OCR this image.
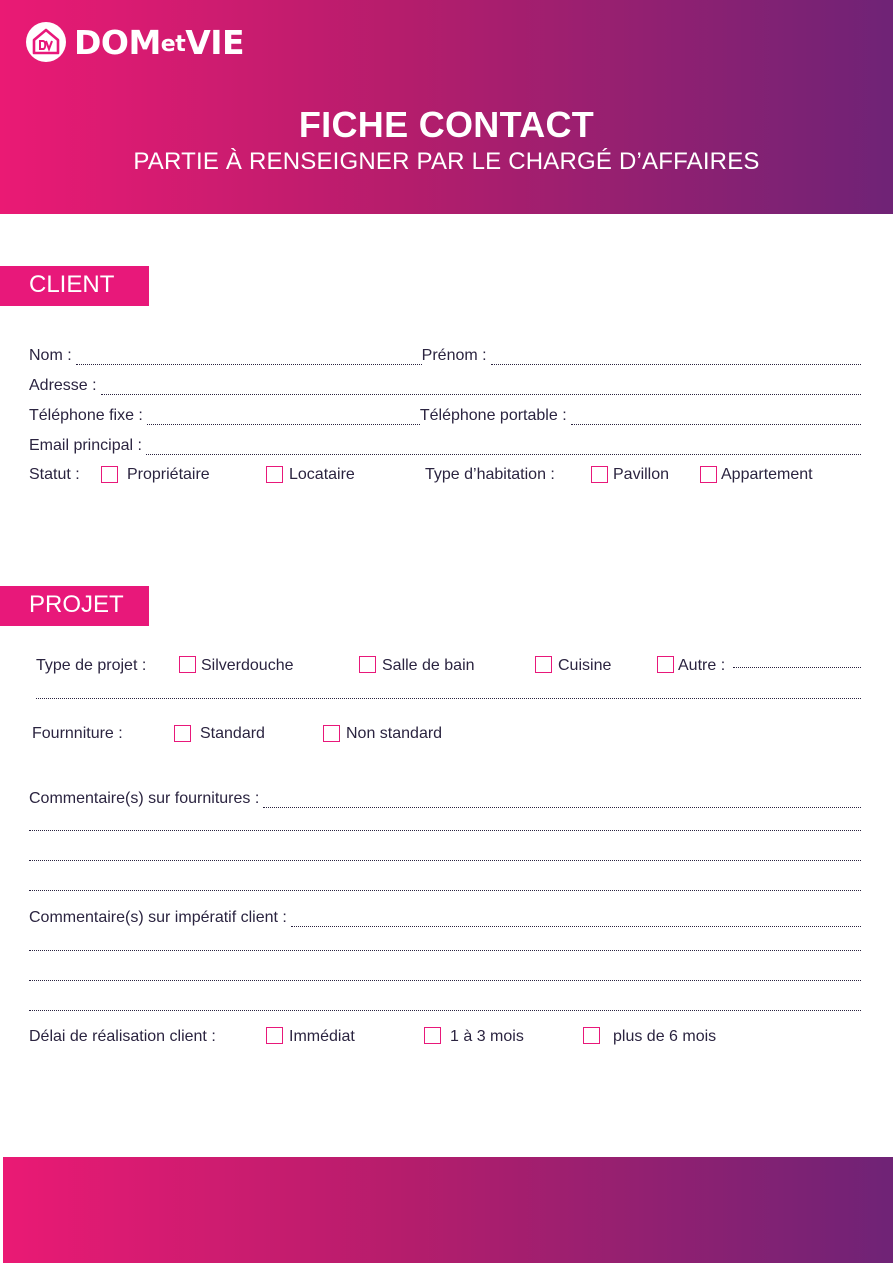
DOMetVIE
FICHE CONTACT
PARTIE À RENSEIGNER PAR LE CHARGÉ D’AFFAIRES
CLIENT
Nom :	Prénom :
Adresse :
Téléphone fixe :	Téléphone portable :
Email principal :
Statut :	Propriétaire	Locataire	Type d’habitation :	Pavillon	Appartement
PROJET
Type de projet :	Silverdouche	Salle de bain	Cuisine	Autre :
Fournniture :	Standard	Non standard
Commentaire(s) sur fournitures :
Commentaire(s) sur impératif client :
Délai de réalisation client :	Immédiat	1 à 3 mois	plus de 6 mois
